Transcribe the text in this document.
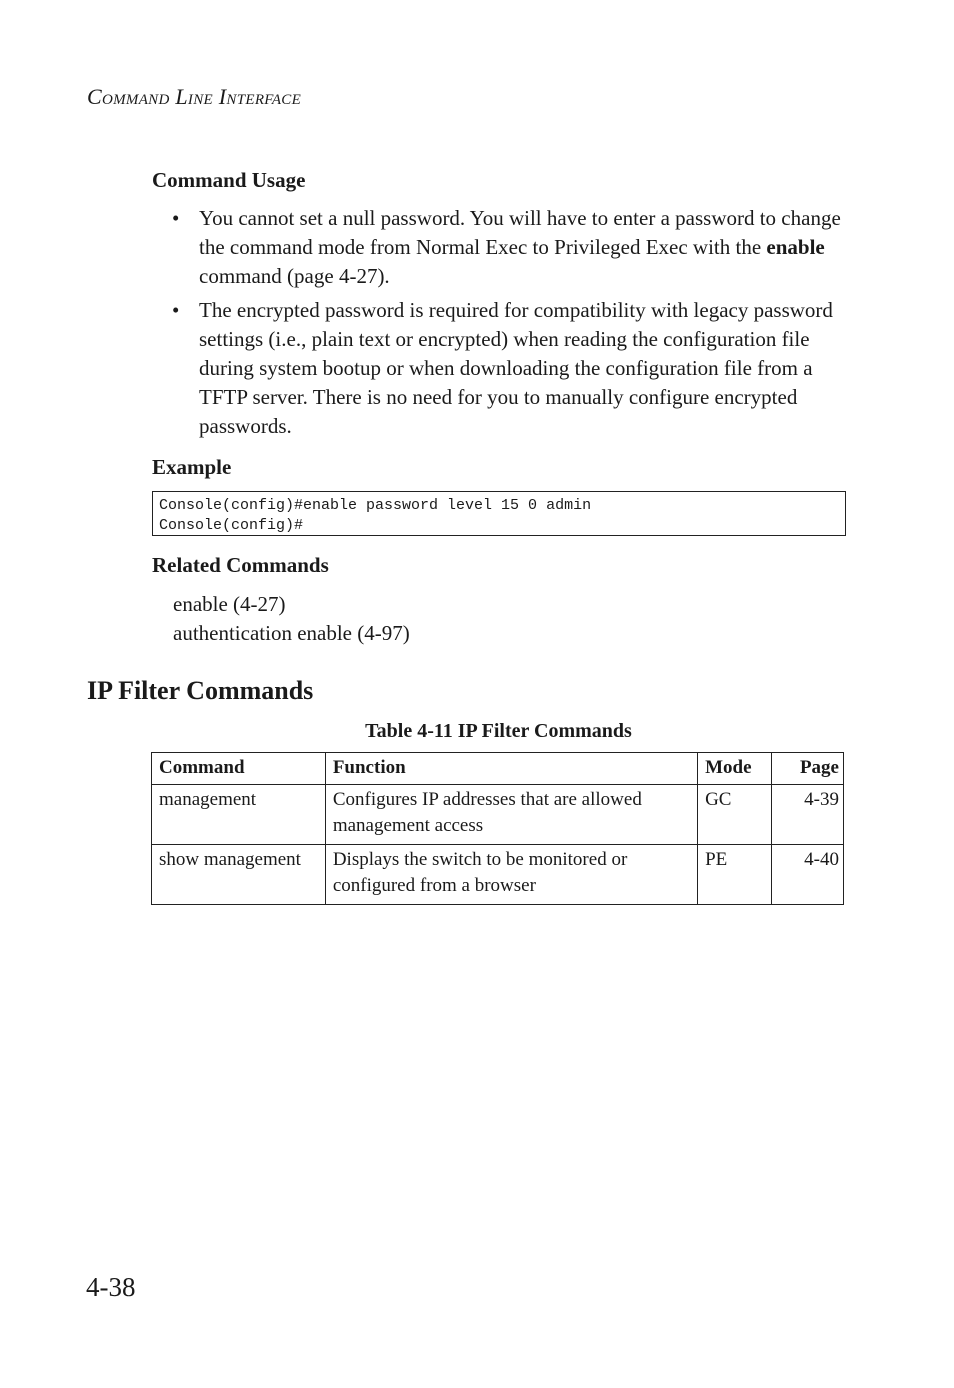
Command Line Interface
Command Usage
• You cannot set a null password. You will have to enter a password to change the command mode from Normal Exec to Privileged Exec with the enable command (page 4-27).
• The encrypted password is required for compatibility with legacy password settings (i.e., plain text or encrypted) when reading the configuration file during system bootup or when downloading the configuration file from a TFTP server. There is no need for you to manually configure encrypted passwords.
Example
Console(config)#enable password level 15 0 admin
Console(config)#
Related Commands
enable (4-27)
authentication enable (4-97)
IP Filter Commands
Table 4-11 IP Filter Commands
Command	Function	Mode	Page
management	Configures IP addresses that are allowed management access	GC	4-39
show management	Displays the switch to be monitored or configured from a browser	PE	4-40
4-38
